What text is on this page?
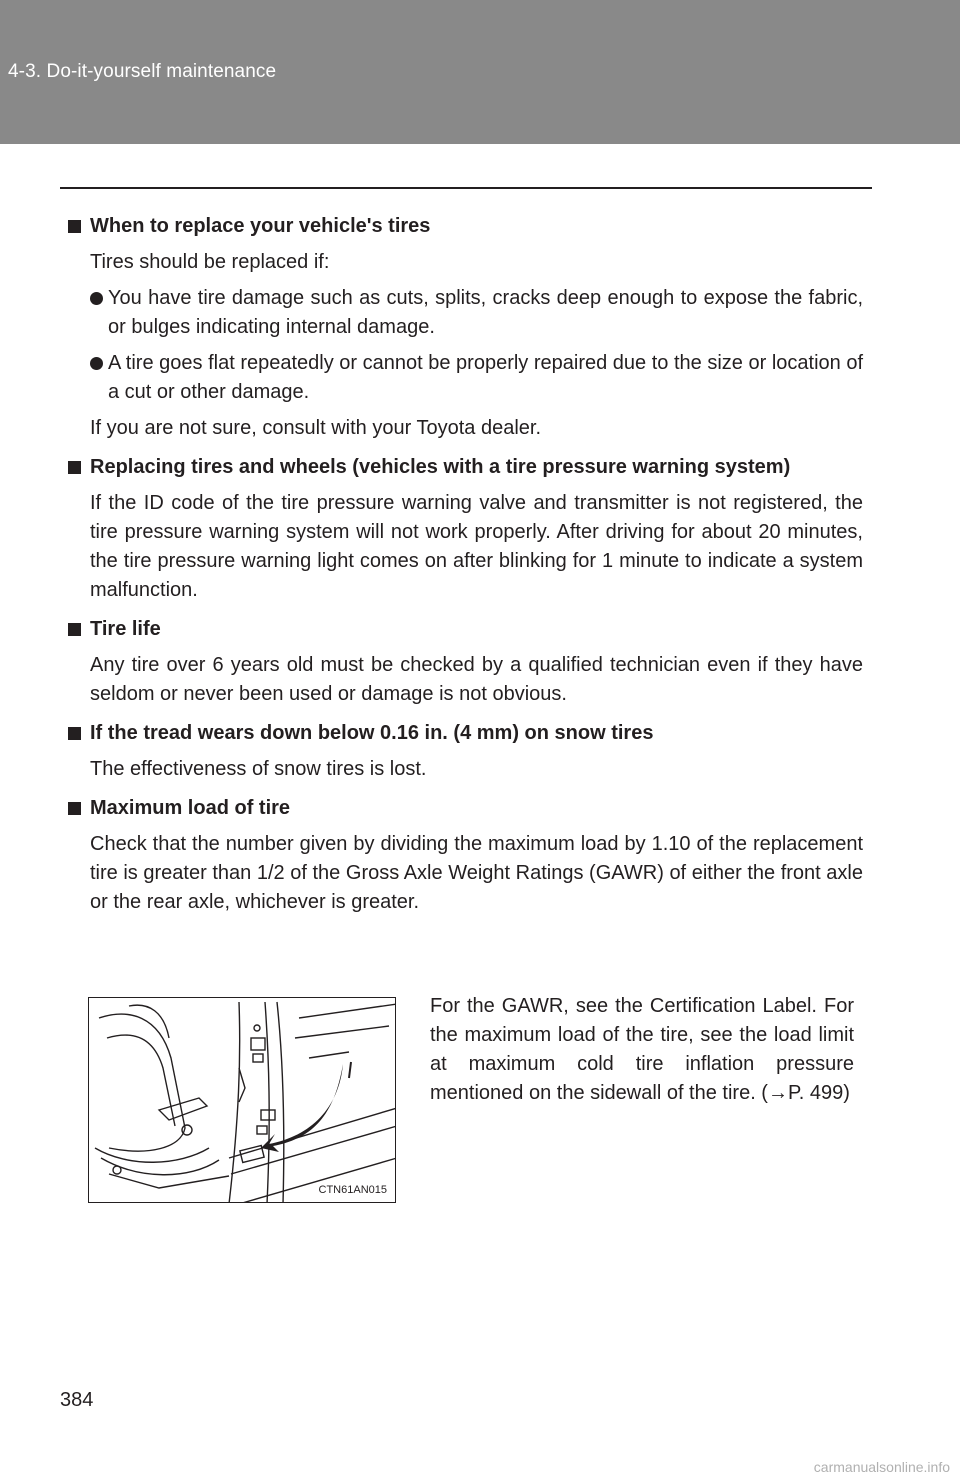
4-3. Do-it-yourself maintenance
When to replace your vehicle's tires
Tires should be replaced if:
You have tire damage such as cuts, splits, cracks deep enough to expose the fabric, or bulges indicating internal damage.
A tire goes flat repeatedly or cannot be properly repaired due to the size or location of a cut or other damage.
If you are not sure, consult with your Toyota dealer.
Replacing tires and wheels (vehicles with a tire pressure warning system)
If the ID code of the tire pressure warning valve and transmitter is not registered, the tire pressure warning system will not work properly. After driving for about 20 minutes, the tire pressure warning light comes on after blinking for 1 minute to indicate a system malfunction.
Tire life
Any tire over 6 years old must be checked by a qualified technician even if they have seldom or never been used or damage is not obvious.
If the tread wears down below 0.16 in. (4 mm) on snow tires
The effectiveness of snow tires is lost.
Maximum load of tire
Check that the number given by dividing the maximum load by 1.10 of the replacement tire is greater than 1/2 of the Gross Axle Weight Ratings (GAWR) of either the front axle or the rear axle, whichever is greater.
CTN61AN015
For the GAWR, see the Certification Label. For the maximum load of the tire, see the load limit at maximum cold tire inflation pressure mentioned on the sidewall of the tire. (→P. 499)
384
carmanualsonline.info
